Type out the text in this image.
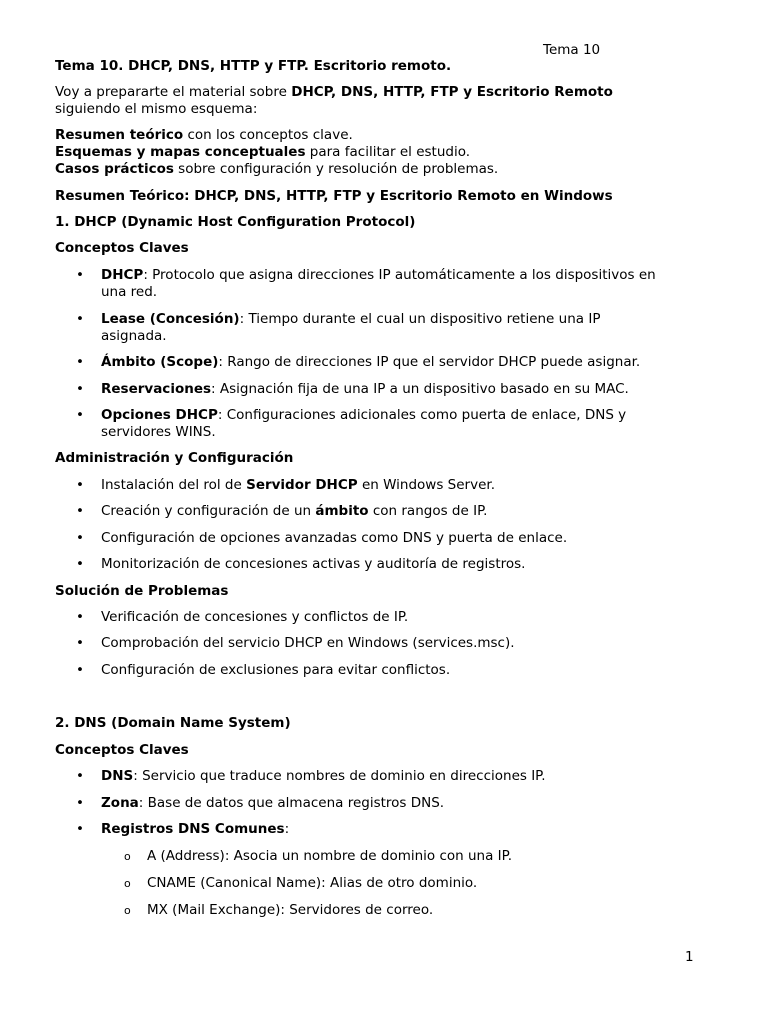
Tema 10
Tema 10. DHCP, DNS, HTTP y FTP. Escritorio remoto.
Voy a prepararte el material sobre DHCP, DNS, HTTP, FTP y Escritorio Remoto
siguiendo el mismo esquema:
Resumen teórico con los conceptos clave.
Esquemas y mapas conceptuales para facilitar el estudio.
Casos prácticos sobre configuración y resolución de problemas.
Resumen Teórico: DHCP, DNS, HTTP, FTP y Escritorio Remoto en Windows
1. DHCP (Dynamic Host Configuration Protocol)
Conceptos Claves
• DHCP: Protocolo que asigna direcciones IP automáticamente a los dispositivos en
una red.
• Lease (Concesión): Tiempo durante el cual un dispositivo retiene una IP
asignada.
• Ámbito (Scope): Rango de direcciones IP que el servidor DHCP puede asignar.
• Reservaciones: Asignación fija de una IP a un dispositivo basado en su MAC.
• Opciones DHCP: Configuraciones adicionales como puerta de enlace, DNS y
servidores WINS.
Administración y Configuración
• Instalación del rol de Servidor DHCP en Windows Server.
• Creación y configuración de un ámbito con rangos de IP.
• Configuración de opciones avanzadas como DNS y puerta de enlace.
• Monitorización de concesiones activas y auditoría de registros.
Solución de Problemas
• Verificación de concesiones y conflictos de IP.
• Comprobación del servicio DHCP en Windows (services.msc).
• Configuración de exclusiones para evitar conflictos.
2. DNS (Domain Name System)
Conceptos Claves
• DNS: Servicio que traduce nombres de dominio en direcciones IP.
• Zona: Base de datos que almacena registros DNS.
• Registros DNS Comunes:
o A (Address): Asocia un nombre de dominio con una IP.
o CNAME (Canonical Name): Alias de otro dominio.
o MX (Mail Exchange): Servidores de correo.
1
